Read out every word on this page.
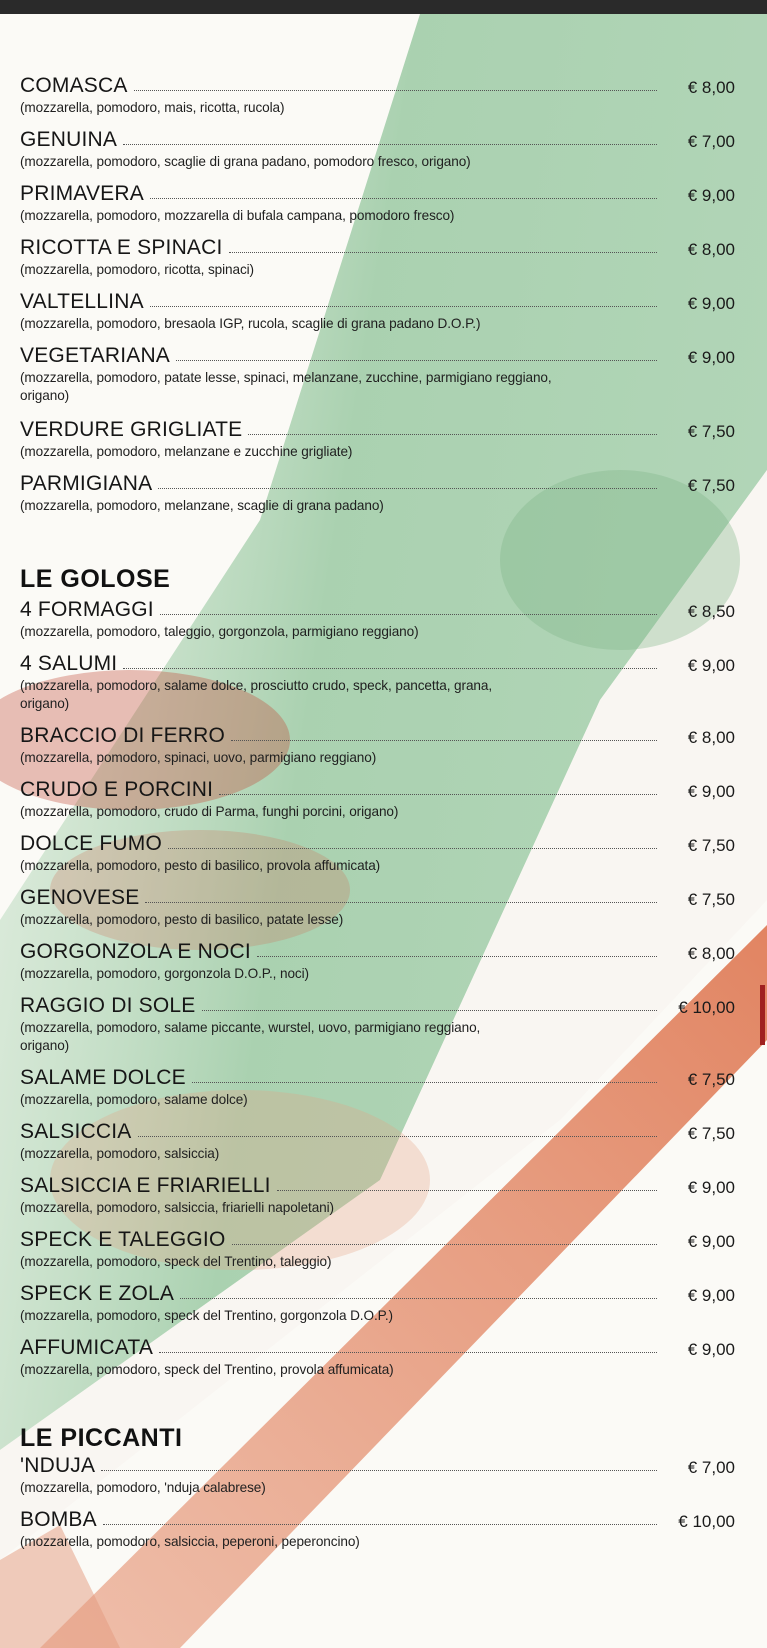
COMASCA	€ 8,00
(mozzarella, pomodoro, mais, ricotta, rucola)
GENUINA	€ 7,00
(mozzarella, pomodoro, scaglie di grana padano, pomodoro fresco, origano)
PRIMAVERA	€ 9,00
(mozzarella, pomodoro, mozzarella di bufala campana, pomodoro fresco)
RICOTTA E SPINACI	€ 8,00
(mozzarella, pomodoro, ricotta, spinaci)
VALTELLINA	€ 9,00
(mozzarella, pomodoro, bresaola IGP, rucola, scaglie di grana padano D.O.P.)
VEGETARIANA	€ 9,00
(mozzarella, pomodoro, patate lesse, spinaci, melanzane, zucchine, parmigiano reggiano, origano)
VERDURE GRIGLIATE	€ 7,50
(mozzarella, pomodoro, melanzane e zucchine grigliate)
PARMIGIANA	€ 7,50
(mozzarella, pomodoro, melanzane, scaglie di grana padano)
LE GOLOSE
4 FORMAGGI	€ 8,50
(mozzarella, pomodoro, taleggio, gorgonzola, parmigiano reggiano)
4 SALUMI	€ 9,00
(mozzarella, pomodoro, salame dolce, prosciutto crudo, speck, pancetta, grana, origano)
BRACCIO DI FERRO	€ 8,00
(mozzarella, pomodoro, spinaci, uovo, parmigiano reggiano)
CRUDO E PORCINI	€ 9,00
(mozzarella, pomodoro, crudo di Parma, funghi porcini, origano)
DOLCE FUMO	€ 7,50
(mozzarella, pomodoro, pesto di basilico, provola affumicata)
GENOVESE	€ 7,50
(mozzarella, pomodoro, pesto di basilico, patate lesse)
GORGONZOLA E NOCI	€ 8,00
(mozzarella, pomodoro, gorgonzola D.O.P., noci)
RAGGIO DI SOLE	€ 10,00
(mozzarella, pomodoro, salame piccante, wurstel, uovo, parmigiano reggiano, origano)
SALAME DOLCE	€ 7,50
(mozzarella, pomodoro, salame dolce)
SALSICCIA	€ 7,50
(mozzarella, pomodoro, salsiccia)
SALSICCIA E FRIARIELLI	€ 9,00
(mozzarella, pomodoro, salsiccia, friarielli napoletani)
SPECK E TALEGGIO	€ 9,00
(mozzarella, pomodoro, speck del Trentino, taleggio)
SPECK E ZOLA	€ 9,00
(mozzarella, pomodoro, speck del Trentino, gorgonzola D.O.P.)
AFFUMICATA	€ 9,00
(mozzarella, pomodoro, speck del Trentino, provola affumicata)
LE PICCANTI
'NDUJA	€ 7,00
(mozzarella, pomodoro, 'nduja calabrese)
BOMBA	€ 10,00
(mozzarella, pomodoro, salsiccia, peperoni, peperoncino)
